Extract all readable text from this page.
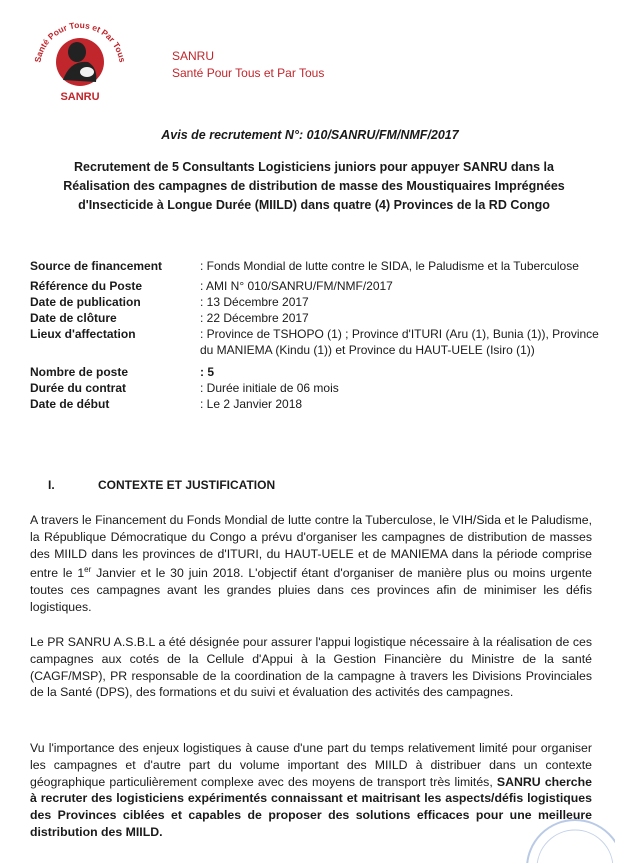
Santé Pour Tous et Par Tous
SANRU
SANRU
Santé Pour Tous et Par Tous
Avis de recrutement N°: 010/SANRU/FM/NMF/2017
Recrutement de 5 Consultants Logisticiens juniors pour appuyer SANRU dans la
Réalisation des campagnes de distribution de masse des Moustiquaires Imprégnées
d'Insecticide à Longue Durée (MIILD) dans quatre (4) Provinces de la RD Congo
Source de financement	: Fonds Mondial de lutte contre le SIDA, le Paludisme et la Tuberculose
Référence du Poste	: AMI N° 010/SANRU/FM/NMF/2017
Date de publication	: 13 Décembre 2017
Date de clôture	: 22 Décembre 2017
Lieux d'affectation	: Province de TSHOPO (1) ; Province d'ITURI (Aru (1), Bunia (1)), Province du MANIEMA (Kindu (1)) et Province du HAUT-UELE (Isiro (1))
Nombre de poste	: 5
Durée du contrat	: Durée initiale de 06 mois
Date de début	: Le 2 Janvier 2018
I.	CONTEXTE ET JUSTIFICATION

A travers le Financement du Fonds Mondial de lutte contre la Tuberculose, le VIH/Sida et le Paludisme, la République Démocratique du Congo a prévu d'organiser les campagnes de distribution de masses des MIILD dans les provinces de d'ITURI, du HAUT-UELE et de MANIEMA dans la période comprise entre le 1er Janvier et le 30 juin 2018. L'objectif étant d'organiser de manière plus ou moins urgente toutes ces campagnes avant les grandes pluies dans ces provinces afin de minimiser les défis logistiques.

Le PR SANRU A.S.B.L a été désignée pour assurer l'appui logistique nécessaire à la réalisation de ces campagnes aux cotés de la Cellule d'Appui à la Gestion Financière du Ministre de la santé (CAGF/MSP), PR responsable de la coordination de la campagne à travers les Divisions Provinciales de la Santé (DPS), des formations et du suivi et évaluation des activités des campagnes.

Vu l'importance des enjeux logistiques à cause d'une part du temps relativement limité pour organiser les campagnes et d'autre part du volume important des MIILD à distribuer dans un contexte géographique particulièrement complexe avec des moyens de transport très limités, SANRU cherche à recruter des logisticiens expérimentés connaissant et maitrisant les aspects/défis logistiques des Provinces ciblées et capables de proposer des solutions efficaces pour une meilleure distribution des MIILD.
